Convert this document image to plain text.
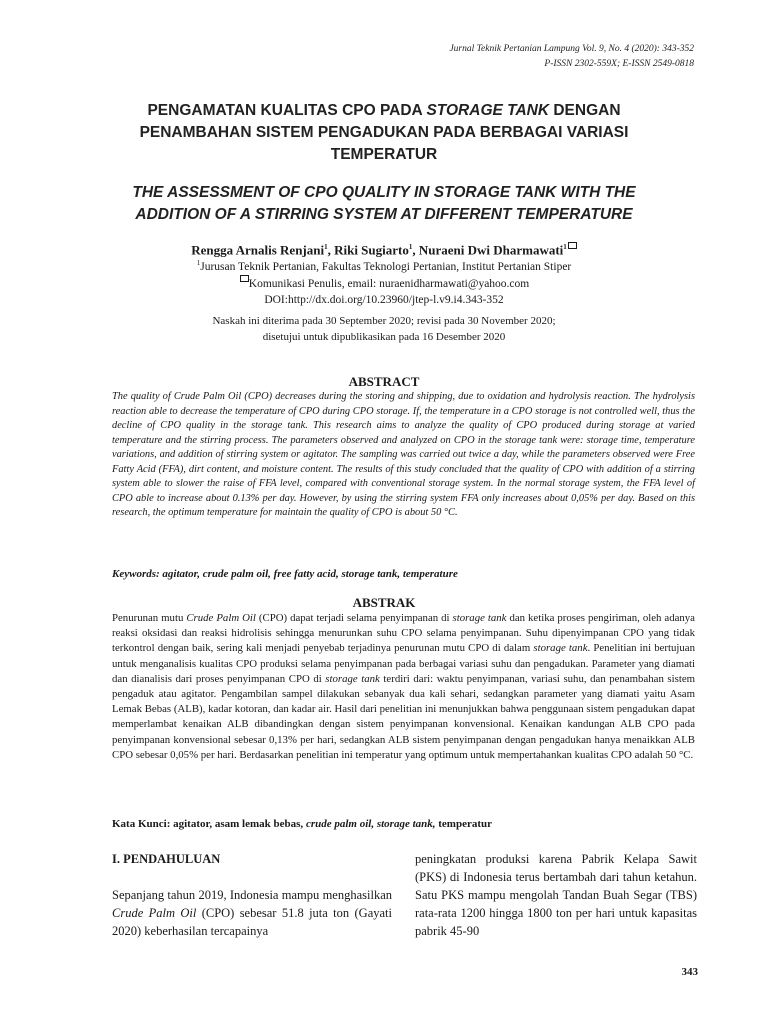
Jurnal Teknik Pertanian Lampung Vol. 9, No. 4 (2020): 343-352
P-ISSN 2302-559X; E-ISSN 2549-0818
PENGAMATAN KUALITAS CPO PADA STORAGE TANK DENGAN
PENAMBAHAN SISTEM PENGADUKAN PADA BERBAGAI VARIASI
TEMPERATUR
THE ASSESSMENT OF CPO QUALITY IN STORAGE TANK WITH THE
ADDITION OF A STIRRING SYSTEM AT DIFFERENT TEMPERATURE
Rengga Arnalis Renjani$^1$, Riki Sugiarto$^1$, Nuraeni Dwi Dharmawati$^1$
$^1$Jurusan Teknik Pertanian, Fakultas Teknologi Pertanian, Institut Pertanian Stiper
Komunikasi Penulis, email: nuraenidharmawati@yahoo.com
DOI:http://dx.doi.org/10.23960/jtep-l.v9.i4.343-352
Naskah ini diterima pada 30 September 2020; revisi pada 30 November 2020;
disetujui untuk dipublikasikan pada 16 Desember 2020
ABSTRACT
The quality of Crude Palm Oil (CPO) decreases during the storing and shipping, due to oxidation and hydrolysis reaction. The hydrolysis reaction able to decrease the temperature of CPO during CPO storage. If, the temperature in a CPO storage is not controlled well, thus the decline of CPO quality in the storage tank. This research aims to analyze the quality of CPO produced during storage at varied temperature and the stirring process. The parameters observed and analyzed on CPO in the storage tank were: storage time, temperature variations, and addition of stirring system or agitator. The sampling was carried out twice a day, while the parameters observed were Free Fatty Acid (FFA), dirt content, and moisture content. The results of this study concluded that the quality of CPO with addition of a stirring system able to slower the raise of FFA level, compared with conventional storage system. In the normal storage system, the FFA level of CPO able to increase about 0.13% per day. However, by using the stirring system FFA only increases about 0,05% per day. Based on this research, the optimum temperature for maintain the quality of CPO is about 50 °C.
Keywords: agitator, crude palm oil, free fatty acid, storage tank, temperature
ABSTRAK
Penurunan mutu Crude Palm Oil (CPO) dapat terjadi selama penyimpanan di storage tank dan ketika proses pengiriman, oleh adanya reaksi oksidasi dan reaksi hidrolisis sehingga menurunkan suhu CPO selama penyimpanan. Suhu dipenyimpanan CPO yang tidak terkontrol dengan baik, sering kali menjadi penyebab terjadinya penurunan mutu CPO di dalam storage tank. Penelitian ini bertujuan untuk menganalisis kualitas CPO produksi selama penyimpanan pada berbagai variasi suhu dan pengadukan. Parameter yang diamati dan dianalisis dari proses penyimpanan CPO di storage tank terdiri dari: waktu penyimpanan, variasi suhu, dan penambahan sistem pengaduk atau agitator. Pengambilan sampel dilakukan sebanyak dua kali sehari, sedangkan parameter yang diamati yaitu Asam Lemak Bebas (ALB), kadar kotoran, dan kadar air. Hasil dari penelitian ini menunjukkan bahwa penggunaan sistem pengadukan dapat memperlambat kenaikan ALB dibandingkan dengan sistem penyimpanan konvensional. Kenaikan kandungan ALB CPO pada penyimpanan konvensional sebesar 0,13% per hari, sedangkan ALB sistem penyimpanan dengan pengadukan hanya menaikkan ALB CPO sebesar 0,05% per hari. Berdasarkan penelitian ini temperatur yang optimum untuk mempertahankan kualitas CPO adalah 50 °C.
Kata Kunci: agitator, asam lemak bebas, crude palm oil, storage tank, temperatur
I. PENDAHULUAN

Sepanjang tahun 2019, Indonesia mampu menghasilkan Crude Palm Oil (CPO) sebesar 51.8 juta ton (Gayati 2020) keberhasilan tercapainya

peningkatan produksi karena Pabrik Kelapa Sawit (PKS) di Indonesia terus bertambah dari tahun ketahun. Satu PKS mampu mengolah Tandan Buah Segar (TBS) rata-rata 1200 hingga 1800 ton per hari untuk kapasitas pabrik 45-90

343
